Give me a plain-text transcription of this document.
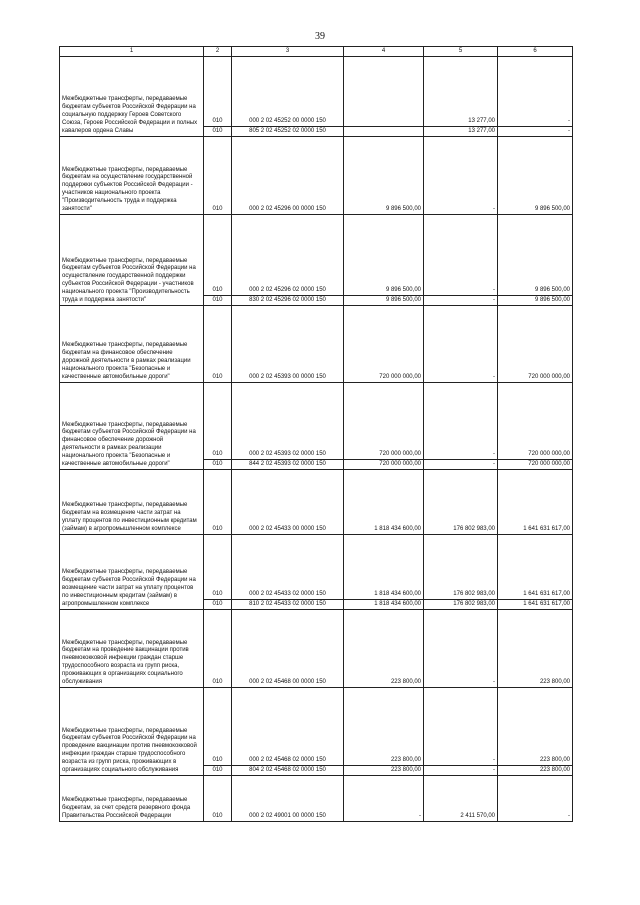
39
1	2	3	4	5	6
Межбюджетные трансферты, передаваемые бюджетам субъектов Российской Федерации на социальную поддержку Героев Советского Союза, Героев Российской Федерации и полных кавалеров ордена Славы	010	000 2 02 45252 00 0000 150		13 277,00	-
	010	805 2 02 45252 02 0000 150		13 277,00	-
Межбюджетные трансферты, передаваемые бюджетам на осуществление государственной поддержки субъектов Российской Федерации - участников национального проекта "Производительность труда и поддержка занятости"	010	000 2 02 45296 00 0000 150	9 896 500,00	-	9 896 500,00
Межбюджетные трансферты, передаваемые бюджетам субъектов Российской Федерации на осуществление государственной поддержки субъектов Российской Федерации - участников национального проекта "Производительность труда и поддержка занятости"	010	000 2 02 45296 02 0000 150	9 896 500,00	-	9 896 500,00
	010	830 2 02 45296 02 0000 150	9 896 500,00	-	9 896 500,00
Межбюджетные трансферты, передаваемые бюджетам на финансовое обеспечение дорожной деятельности в рамках реализации национального проекта "Безопасные и качественные автомобильные дороги"	010	000 2 02 45393 00 0000 150	720 000 000,00	-	720 000 000,00
Межбюджетные трансферты, передаваемые бюджетам субъектов Российской Федерации на финансовое обеспечение дорожной деятельности в рамках реализации национального проекта "Безопасные и качественные автомобильные дороги"	010	000 2 02 45393 02 0000 150	720 000 000,00	-	720 000 000,00
	010	844 2 02 45393 02 0000 150	720 000 000,00	-	720 000 000,00
Межбюджетные трансферты, передаваемые бюджетам на возмещение части затрат на уплату процентов по инвестиционным кредитам (займам) в агропромышленном комплексе	010	000 2 02 45433 00 0000 150	1 818 434 600,00	176 802 983,00	1 641 631 617,00
Межбюджетные трансферты, передаваемые бюджетам субъектов Российской Федерации на возмещение части затрат на уплату процентов по инвестиционным кредитам (займам) в агропромышленном комплексе	010	000 2 02 45433 02 0000 150	1 818 434 600,00	176 802 983,00	1 641 631 617,00
	010	810 2 02 45433 02 0000 150	1 818 434 600,00	176 802 983,00	1 641 631 617,00
Межбюджетные трансферты, передаваемые бюджетам на проведение вакцинации против пневмококковой инфекции граждан старше трудоспособного возраста из групп риска, проживающих в организациях социального обслуживания	010	000 2 02 45468 00 0000 150	223 800,00	-	223 800,00
Межбюджетные трансферты, передаваемые бюджетам субъектов Российской Федерации на проведение вакцинации против пневмококковой инфекции граждан старше трудоспособного возраста из групп риска, проживающих в организациях социального обслуживания	010	000 2 02 45468 02 0000 150	223 800,00	-	223 800,00
	010	804 2 02 45468 02 0000 150	223 800,00	-	223 800,00
Межбюджетные трансферты, передаваемые бюджетам, за счет средств резервного фонда Правительства Российской Федерации	010	000 2 02 49001 00 0000 150	-	2 411 570,00	-
